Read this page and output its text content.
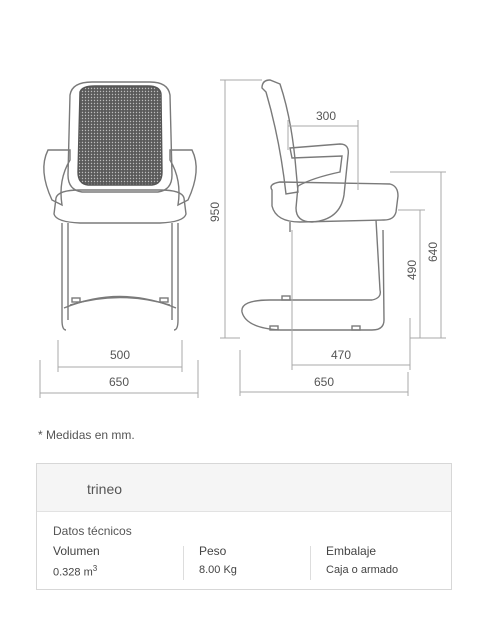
500
650
300
950
640
490
470
650
* Medidas en mm.
trineo
Datos técnicos
Volumen
0.328 $m^3$
Peso
8.00 Kg
Embalaje
Caja o armado
